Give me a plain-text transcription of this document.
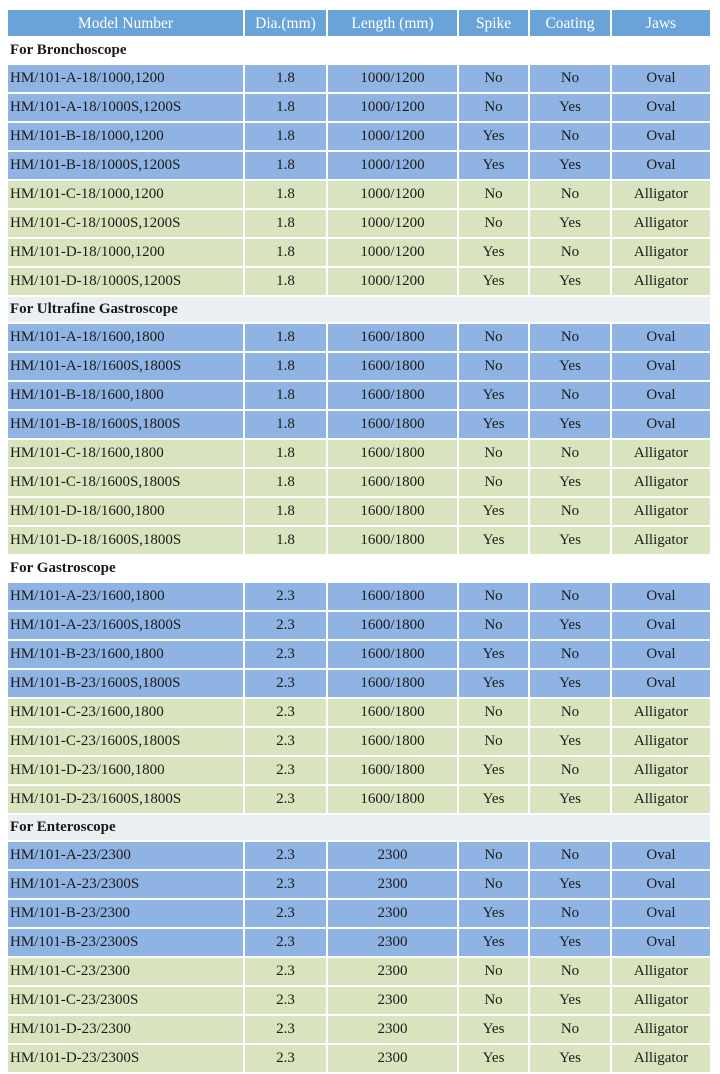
Model Number	Dia.(mm)	Length (mm)	Spike	Coating	Jaws
For Bronchoscope					
HM/101-A-18/1000,1200	1.8	1000/1200	No	No	Oval
HM/101-A-18/1000S,1200S	1.8	1000/1200	No	Yes	Oval
HM/101-B-18/1000,1200	1.8	1000/1200	Yes	No	Oval
HM/101-B-18/1000S,1200S	1.8	1000/1200	Yes	Yes	Oval
HM/101-C-18/1000,1200	1.8	1000/1200	No	No	Alligator
HM/101-C-18/1000S,1200S	1.8	1000/1200	No	Yes	Alligator
HM/101-D-18/1000,1200	1.8	1000/1200	Yes	No	Alligator
HM/101-D-18/1000S,1200S	1.8	1000/1200	Yes	Yes	Alligator
For Ultrafine Gastroscope					
HM/101-A-18/1600,1800	1.8	1600/1800	No	No	Oval
HM/101-A-18/1600S,1800S	1.8	1600/1800	No	Yes	Oval
HM/101-B-18/1600,1800	1.8	1600/1800	Yes	No	Oval
HM/101-B-18/1600S,1800S	1.8	1600/1800	Yes	Yes	Oval
HM/101-C-18/1600,1800	1.8	1600/1800	No	No	Alligator
HM/101-C-18/1600S,1800S	1.8	1600/1800	No	Yes	Alligator
HM/101-D-18/1600,1800	1.8	1600/1800	Yes	No	Alligator
HM/101-D-18/1600S,1800S	1.8	1600/1800	Yes	Yes	Alligator
For Gastroscope					
HM/101-A-23/1600,1800	2.3	1600/1800	No	No	Oval
HM/101-A-23/1600S,1800S	2.3	1600/1800	No	Yes	Oval
HM/101-B-23/1600,1800	2.3	1600/1800	Yes	No	Oval
HM/101-B-23/1600S,1800S	2.3	1600/1800	Yes	Yes	Oval
HM/101-C-23/1600,1800	2.3	1600/1800	No	No	Alligator
HM/101-C-23/1600S,1800S	2.3	1600/1800	No	Yes	Alligator
HM/101-D-23/1600,1800	2.3	1600/1800	Yes	No	Alligator
HM/101-D-23/1600S,1800S	2.3	1600/1800	Yes	Yes	Alligator
For Enteroscope					
HM/101-A-23/2300	2.3	2300	No	No	Oval
HM/101-A-23/2300S	2.3	2300	No	Yes	Oval
HM/101-B-23/2300	2.3	2300	Yes	No	Oval
HM/101-B-23/2300S	2.3	2300	Yes	Yes	Oval
HM/101-C-23/2300	2.3	2300	No	No	Alligator
HM/101-C-23/2300S	2.3	2300	No	Yes	Alligator
HM/101-D-23/2300	2.3	2300	Yes	No	Alligator
HM/101-D-23/2300S	2.3	2300	Yes	Yes	Alligator
